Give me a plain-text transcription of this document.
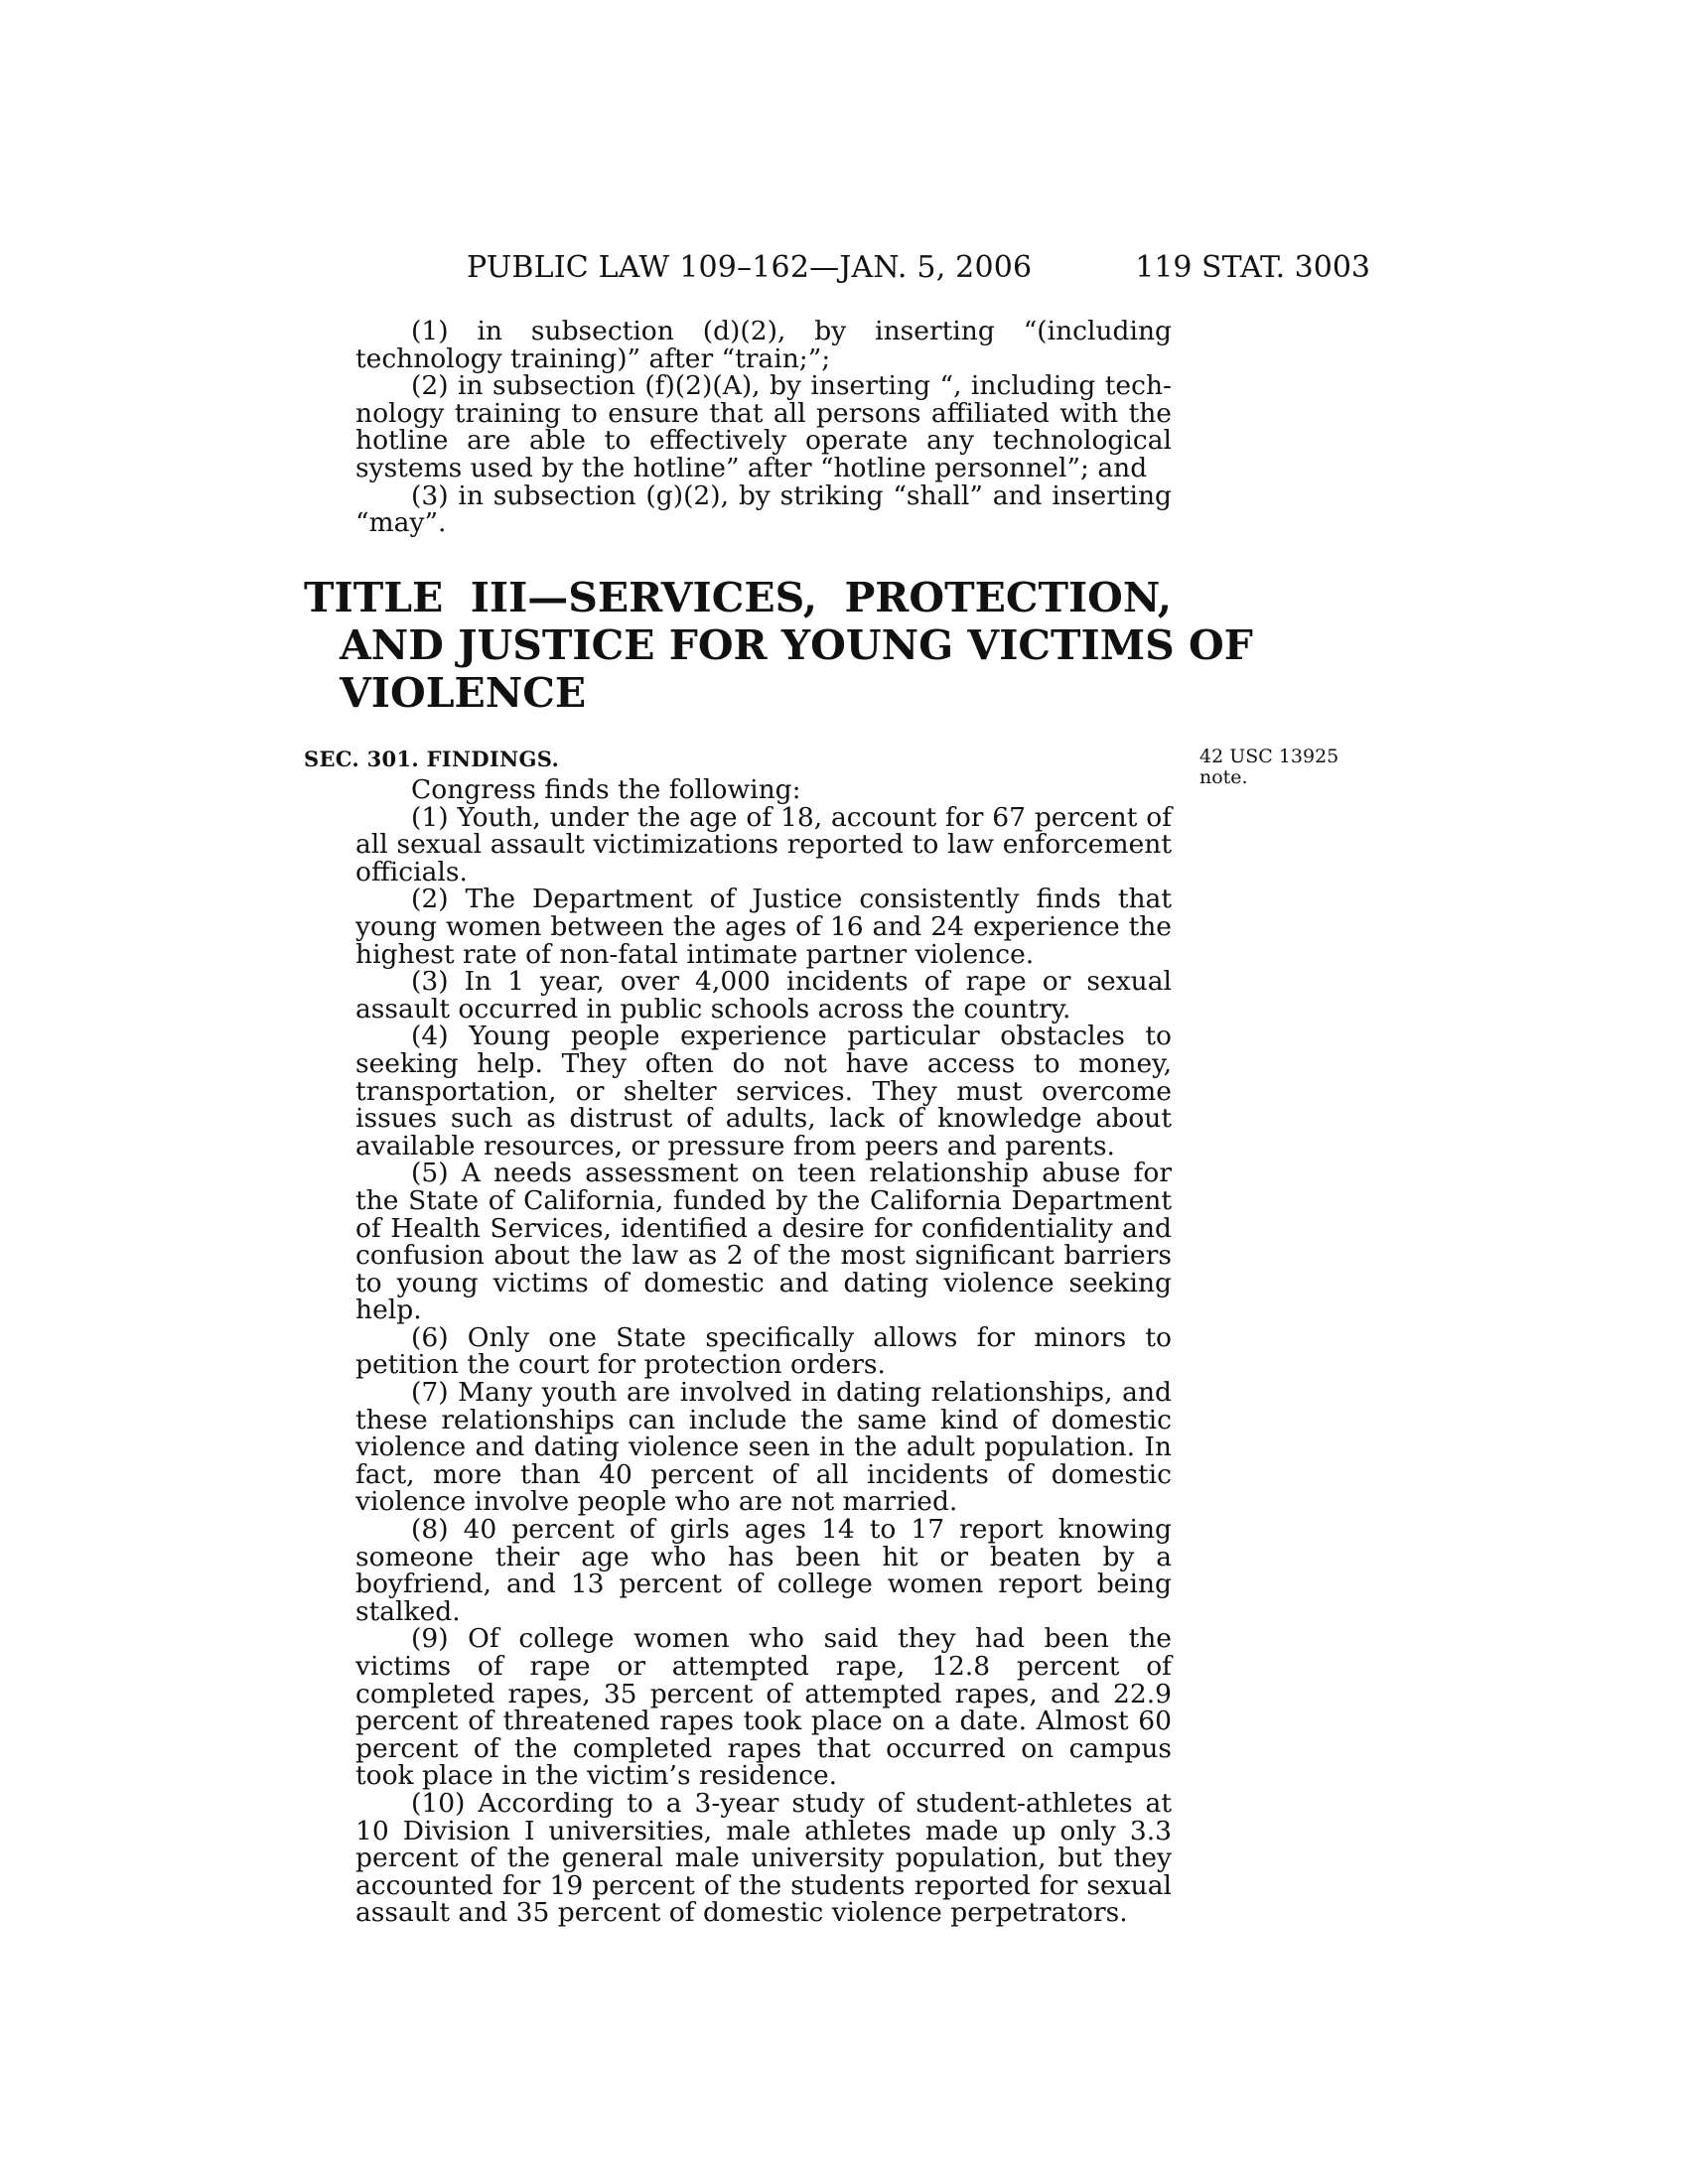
PUBLIC LAW 109–162—JAN. 5, 2006	119 STAT. 3003

(1) in subsection (d)(2), by inserting “(including technology training)” after “train;”;

(2) in subsection (f)(2)(A), by inserting “, including technology training to ensure that all persons affiliated with the hotline are able to effectively operate any technological systems used by the hotline” after “hotline personnel”; and

(3) in subsection (g)(2), by striking “shall” and inserting “may”.

TITLE III—SERVICES, PROTECTION,
AND JUSTICE FOR YOUNG VICTIMS OF
VIOLENCE
SEC. 301. FINDINGS.	42 USC 13925
note.

Congress finds the following:

(1) Youth, under the age of 18, account for 67 percent of all sexual assault victimizations reported to law enforcement officials.

(2) The Department of Justice consistently finds that young women between the ages of 16 and 24 experience the highest rate of non-fatal intimate partner violence.

(3) In 1 year, over 4,000 incidents of rape or sexual assault occurred in public schools across the country.

(4) Young people experience particular obstacles to seeking help. They often do not have access to money, transportation, or shelter services. They must overcome issues such as distrust of adults, lack of knowledge about available resources, or pressure from peers and parents.

(5) A needs assessment on teen relationship abuse for the State of California, funded by the California Department of Health Services, identified a desire for confidentiality and confusion about the law as 2 of the most significant barriers to young victims of domestic and dating violence seeking help.

(6) Only one State specifically allows for minors to petition the court for protection orders.

(7) Many youth are involved in dating relationships, and these relationships can include the same kind of domestic violence and dating violence seen in the adult population. In fact, more than 40 percent of all incidents of domestic violence involve people who are not married.

(8) 40 percent of girls ages 14 to 17 report knowing someone their age who has been hit or beaten by a boyfriend, and 13 percent of college women report being stalked.

(9) Of college women who said they had been the victims of rape or attempted rape, 12.8 percent of completed rapes, 35 percent of attempted rapes, and 22.9 percent of threatened rapes took place on a date. Almost 60 percent of the completed rapes that occurred on campus took place in the victim’s residence.

(10) According to a 3-year study of student-athletes at 10 Division I universities, male athletes made up only 3.3 percent of the general male university population, but they accounted for 19 percent of the students reported for sexual assault and 35 percent of domestic violence perpetrators.
